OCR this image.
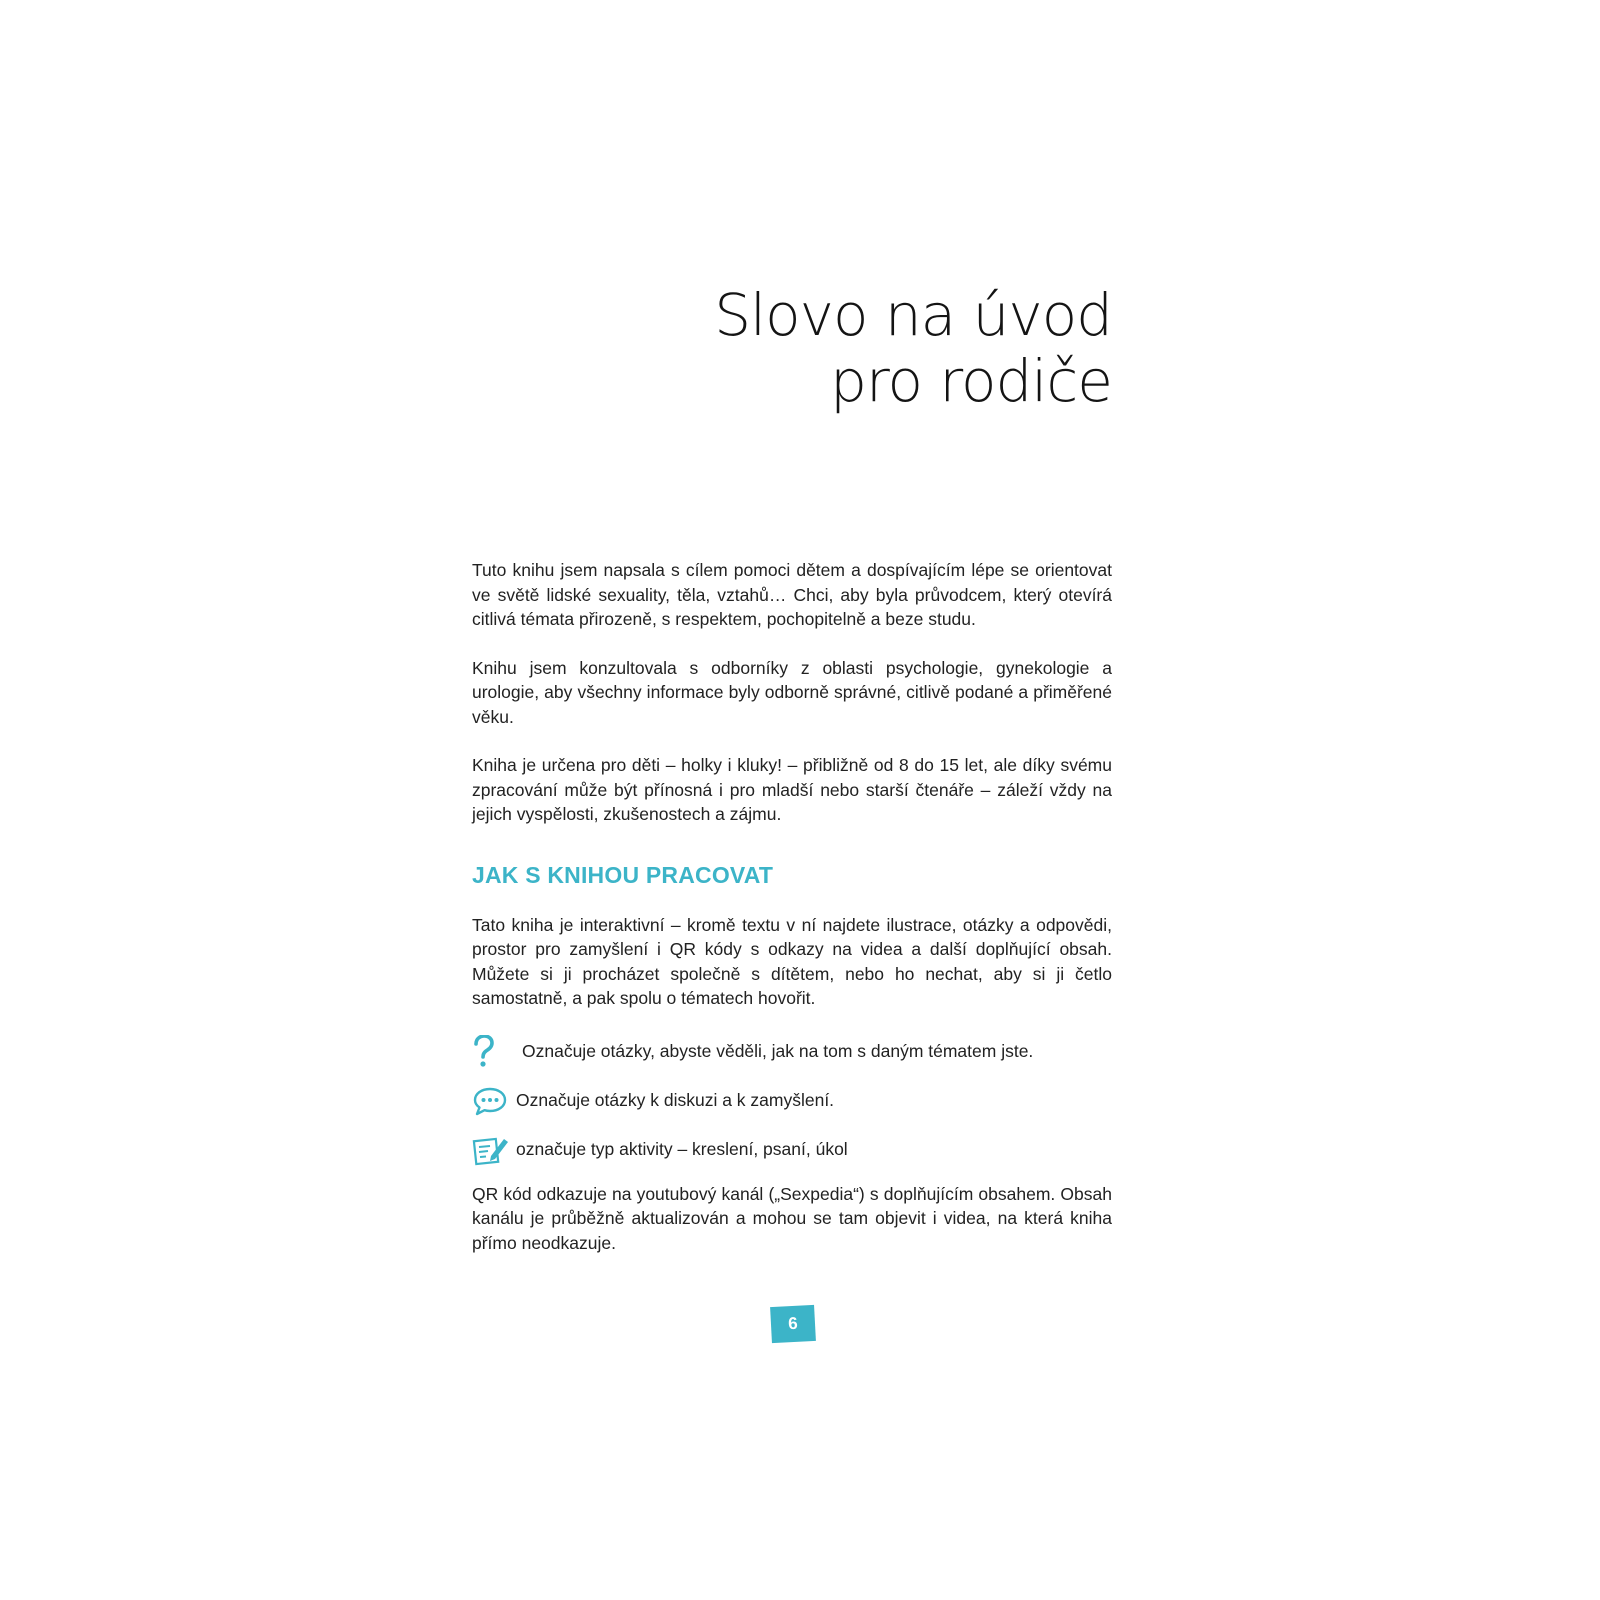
Slovo na úvod
pro rodiče

Tuto knihu jsem napsala s cílem pomoci dětem a dospívajícím lépe se orientovat ve světě lidské sexuality, těla, vztahů… Chci, aby byla průvodcem, který otevírá citlivá témata přirozeně, s respektem, pochopitelně a beze studu.

Knihu jsem konzultovala s odborníky z oblasti psychologie, gynekologie a urologie, aby všechny informace byly odborně správné, citlivě podané a přiměřené věku.

Kniha je určena pro děti – holky i kluky! – přibližně od 8 do 15 let, ale díky svému zpracování může být přínosná i pro mladší nebo starší čtenáře – záleží vždy na jejich vyspělosti, zkušenostech a zájmu.

JAK S KNIHOU PRACOVAT

Tato kniha je interaktivní – kromě textu v ní najdete ilustrace, otázky a odpovědi, prostor pro zamyšlení i QR kódy s odkazy na videa a další doplňující obsah. Můžete si ji procházet společně s dítětem, nebo ho nechat, aby si ji četlo samostatně, a pak spolu o tématech hovořit.

Označuje otázky, abyste věděli, jak na tom s daným tématem jste.
Označuje otázky k diskuzi a k zamyšlení.
označuje typ aktivity – kreslení, psaní, úkol

QR kód odkazuje na youtubový kanál („Sexpedia“) s doplňujícím obsahem. Obsah kanálu je průběžně aktualizován a mohou se tam objevit i videa, na která kniha přímo neodkazuje.

6
